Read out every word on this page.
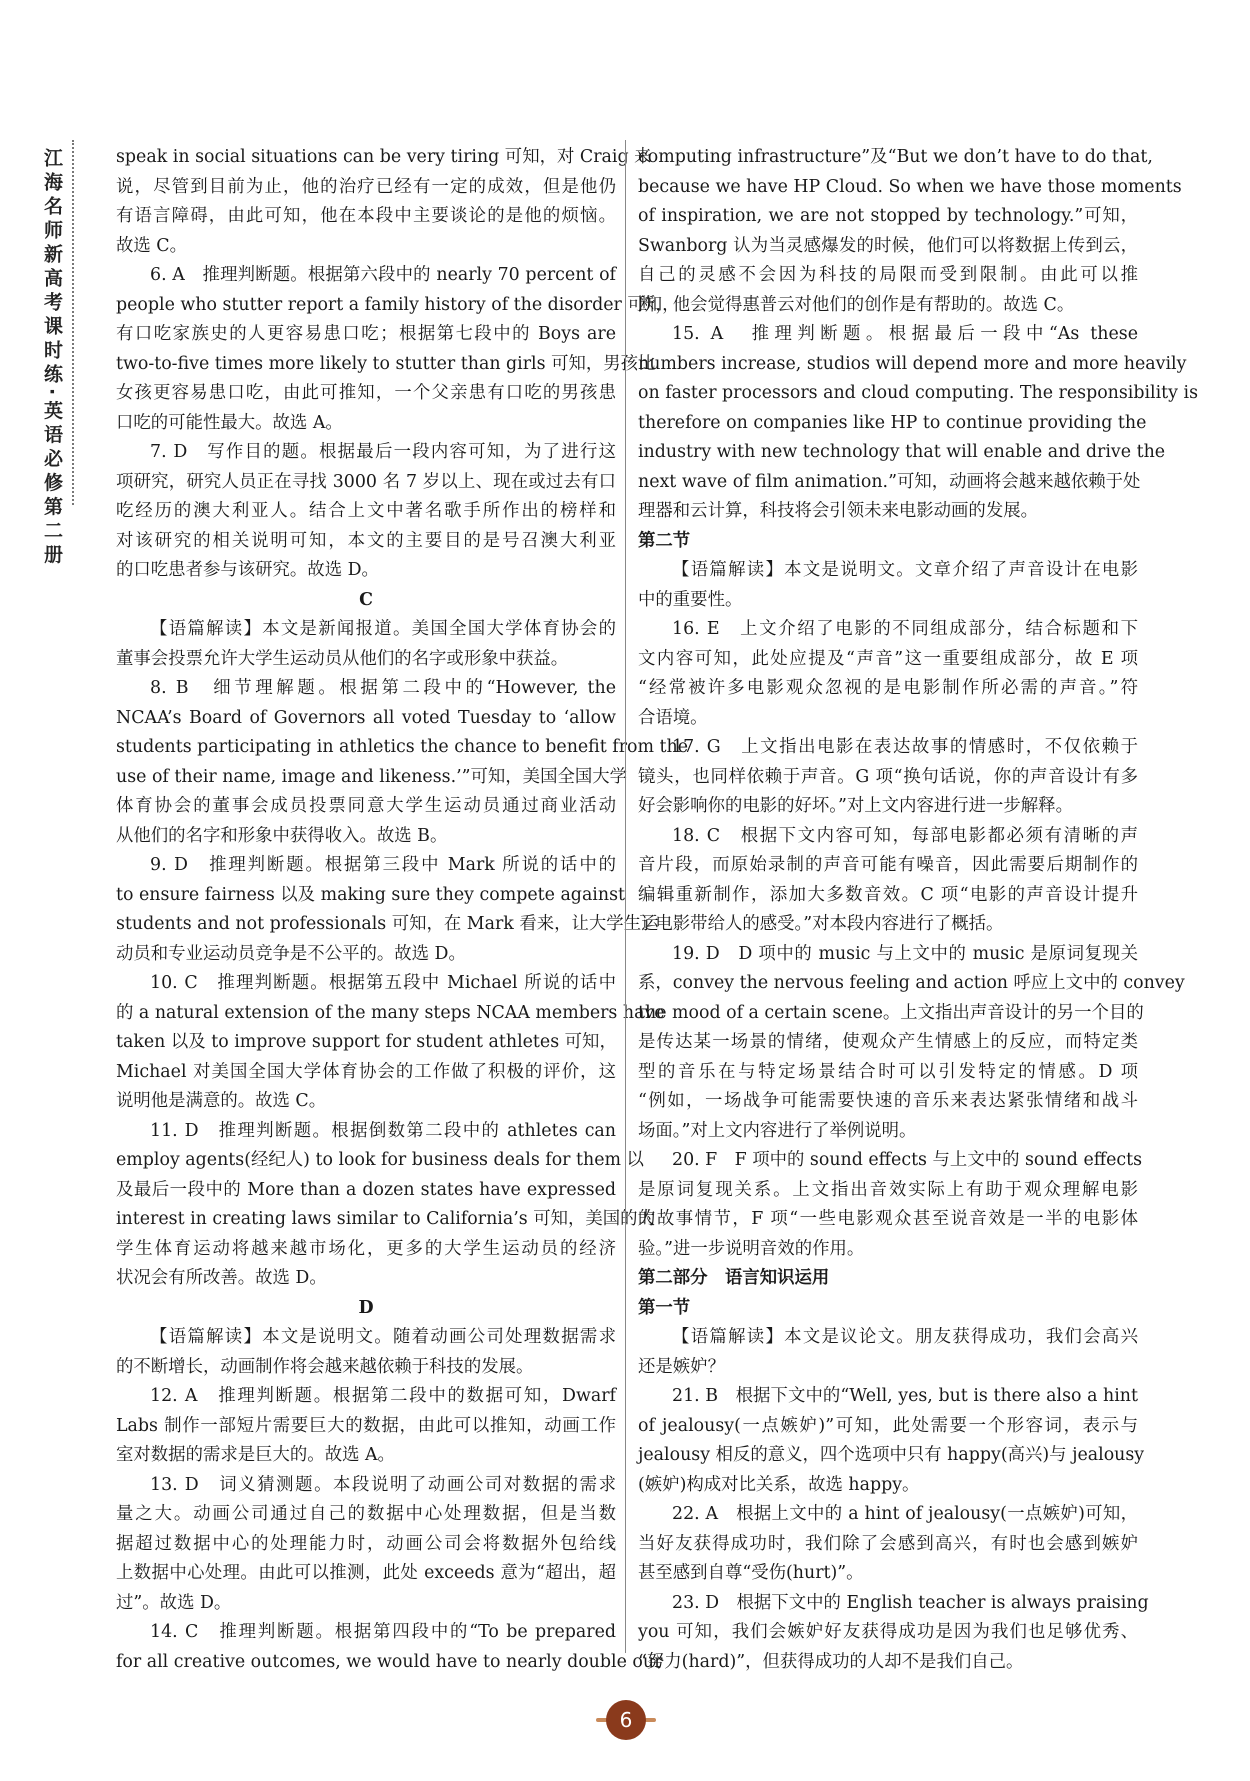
江海名师新高考课时练·英语必修第二册	speak in social situations can be very tiring 可知，对 Craig 来
说，尽管到目前为止，他的治疗已经有一定的成效，但是他仍
有语言障碍，由此可知，他在本段中主要谈论的是他的烦恼。
故选 C。
6. A　推理判断题。根据第六段中的 nearly 70 percent of
people who stutter report a family history of the disorder 可知，
有口吃家族史的人更容易患口吃；根据第七段中的 Boys are
two-to-five times more likely to stutter than girls 可知，男孩比
女孩更容易患口吃，由此可推知，一个父亲患有口吃的男孩患
口吃的可能性最大。故选 A。
7. D　写作目的题。根据最后一段内容可知，为了进行这
项研究，研究人员正在寻找 3000 名 7 岁以上、现在或过去有口
吃经历的澳大利亚人。结合上文中著名歌手所作出的榜样和
对该研究的相关说明可知，本文的主要目的是号召澳大利亚
的口吃患者参与该研究。故选 D。
C
【语篇解读】本文是新闻报道。美国全国大学体育协会的
董事会投票允许大学生运动员从他们的名字或形象中获益。
8. B　细节理解题。根据第二段中的“However, the
NCAA’s Board of Governors all voted Tuesday to ‘allow
students participating in athletics the chance to benefit from the
use of their name, image and likeness.’”可知，美国全国大学
体育协会的董事会成员投票同意大学生运动员通过商业活动
从他们的名字和形象中获得收入。故选 B。
9. D　推理判断题。根据第三段中 Mark 所说的话中的
to ensure fairness 以及 making sure they compete against
students and not professionals 可知，在 Mark 看来，让大学生运
动员和专业运动员竞争是不公平的。故选 D。
10. C　推理判断题。根据第五段中 Michael 所说的话中
的 a natural extension of the many steps NCAA members have
taken 以及 to improve support for student athletes 可知，
Michael 对美国全国大学体育协会的工作做了积极的评价，这
说明他是满意的。故选 C。
11. D　推理判断题。根据倒数第二段中的 athletes can
employ agents(经纪人) to look for business deals for them 以
及最后一段中的 More than a dozen states have expressed
interest in creating laws similar to California’s 可知，美国的大
学生体育运动将越来越市场化，更多的大学生运动员的经济
状况会有所改善。故选 D。
D
【语篇解读】本文是说明文。随着动画公司处理数据需求
的不断增长，动画制作将会越来越依赖于科技的发展。
12. A　推理判断题。根据第二段中的数据可知，Dwarf
Labs 制作一部短片需要巨大的数据，由此可以推知，动画工作
室对数据的需求是巨大的。故选 A。
13. D　词义猜测题。本段说明了动画公司对数据的需求
量之大。动画公司通过自己的数据中心处理数据，但是当数
据超过数据中心的处理能力时，动画公司会将数据外包给线
上数据中心处理。由此可以推测，此处 exceeds 意为“超出，超
过”。故选 D。
14. C　推理判断题。根据第四段中的“To be prepared
for all creative outcomes, we would have to nearly double our
computing infrastructure”及“But we don’t have to do that,
because we have HP Cloud. So when we have those moments
of inspiration, we are not stopped by technology.”可知，
Swanborg 认为当灵感爆发的时候，他们可以将数据上传到云，
自己的灵感不会因为科技的局限而受到限制。由此可以推
断，他会觉得惠普云对他们的创作是有帮助的。故选 C。
15. A　推理判断题。根据最后一段中“As these
numbers increase, studios will depend more and more heavily
on faster processors and cloud computing. The responsibility is
therefore on companies like HP to continue providing the
industry with new technology that will enable and drive the
next wave of film animation.”可知，动画将会越来越依赖于处
理器和云计算，科技将会引领未来电影动画的发展。
第二节
【语篇解读】本文是说明文。文章介绍了声音设计在电影
中的重要性。
16. E　上文介绍了电影的不同组成部分，结合标题和下
文内容可知，此处应提及“声音”这一重要组成部分，故 E 项
“经常被许多电影观众忽视的是电影制作所必需的声音。”符
合语境。
17. G　上文指出电影在表达故事的情感时，不仅依赖于
镜头，也同样依赖于声音。G 项“换句话说，你的声音设计有多
好会影响你的电影的好坏。”对上文内容进行进一步解释。
18. C　根据下文内容可知，每部电影都必须有清晰的声
音片段，而原始录制的声音可能有噪音，因此需要后期制作的
编辑重新制作，添加大多数音效。C 项“电影的声音设计提升
了电影带给人的感受。”对本段内容进行了概括。
19. D　D 项中的 music 与上文中的 music 是原词复现关
系，convey the nervous feeling and action 呼应上文中的 convey
the mood of a certain scene。上文指出声音设计的另一个目的
是传达某一场景的情绪，使观众产生情感上的反应，而特定类
型的音乐在与特定场景结合时可以引发特定的情感。D 项
“例如，一场战争可能需要快速的音乐来表达紧张情绪和战斗
场面。”对上文内容进行了举例说明。
20. F　F 项中的 sound effects 与上文中的 sound effects
是原词复现关系。上文指出音效实际上有助于观众理解电影
的故事情节，F 项“一些电影观众甚至说音效是一半的电影体
验。”进一步说明音效的作用。
第二部分　语言知识运用
第一节
【语篇解读】本文是议论文。朋友获得成功，我们会高兴
还是嫉妒？
21. B　根据下文中的“Well, yes, but is there also a hint
of jealousy(一点嫉妒)”可知，此处需要一个形容词，表示与
jealousy 相反的意义，四个选项中只有 happy(高兴)与 jealousy
(嫉妒)构成对比关系，故选 happy。
22. A　根据上文中的 a hint of jealousy(一点嫉妒)可知，
当好友获得成功时，我们除了会感到高兴，有时也会感到嫉妒
甚至感到自尊“受伤(hurt)”。
23. D　根据下文中的 English teacher is always praising
you 可知，我们会嫉妒好友获得成功是因为我们也足够优秀、
“努力(hard)”，但获得成功的人却不是我们自己。
6
